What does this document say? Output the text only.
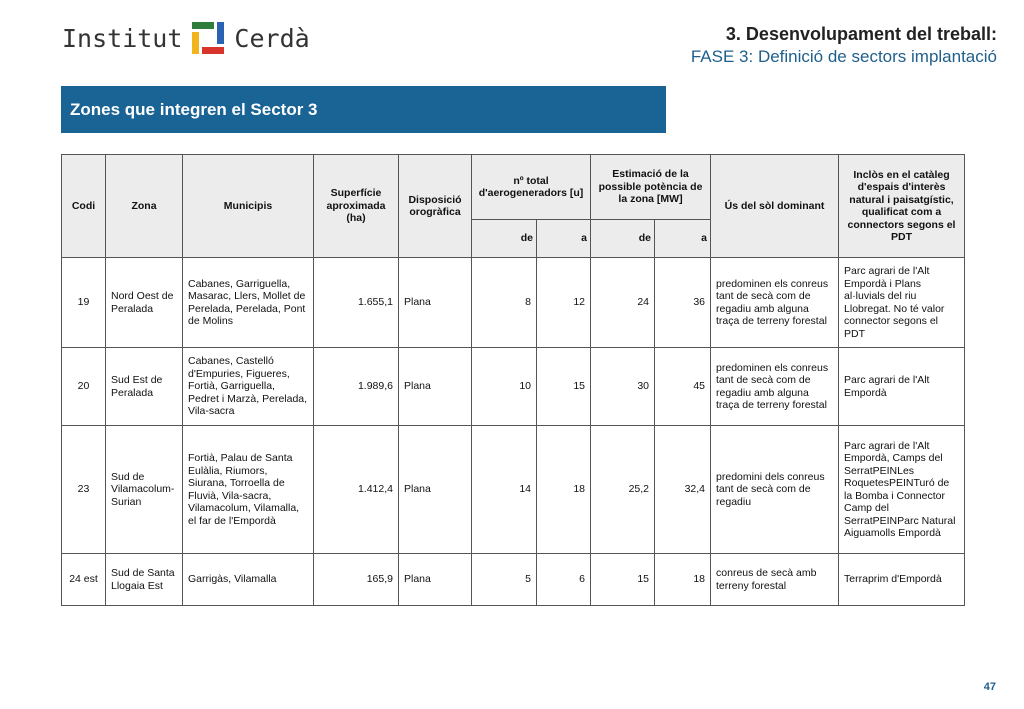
Institut Cerdà	3. Desenvolupament del treball:
FASE 3: Definició de sectors implantació
Zones que integren el Sector 3
Codi	Zona	Municipis	Superfície aproximada (ha)	Disposició orogràfica	nº total d'aerogeneradors [u]		Estimació de la possible potència de la zona [MW]		Ús del sòl dominant	Inclòs en el catàleg d'espais d'interès natural i paisatgístic, qualificat com a connectors segons el PDT
					de	a	de	a		
19	Nord Oest de Peralada	Cabanes, Garriguella, Masarac, Llers, Mollet de Perelada, Perelada, Pont de Molins	1.655,1	Plana	8	12	24	36	predominen els conreus tant de secà com de regadiu amb alguna traça de terreny forestal	Parc agrari de l'Alt Empordà i Plans al·luvials del riu Llobregat. No té valor connector segons el PDT
20	Sud Est de Peralada	Cabanes, Castelló d'Empuries, Figueres, Fortià, Garriguella, Pedret i Marzà, Perelada, Vila-sacra	1.989,6	Plana	10	15	30	45	predominen els conreus tant de secà com de regadiu amb alguna traça de terreny forestal	Parc agrari de l'Alt Empordà
23	Sud de Vilamacolum-Surian	Fortià, Palau de Santa Eulàlia, Riumors, Siurana, Torroella de Fluvià, Vila-sacra, Vilamacolum, Vilamalla, el far de l'Empordà	1.412,4	Plana	14	18	25,2	32,4	predomini dels conreus tant de secà com de regadiu	Parc agrari de l'Alt Empordà, Camps del SerratPEINLes RoquetesPEINTuró de la Bomba i Connector Camp del SerratPEINParc Natural Aiguamolls Empordà
24 est	Sud de Santa Llogaia Est	Garrigàs, Vilamalla	165,9	Plana	5	6	15	18	conreus de secà amb terreny forestal	Terraprim d'Empordà
47
